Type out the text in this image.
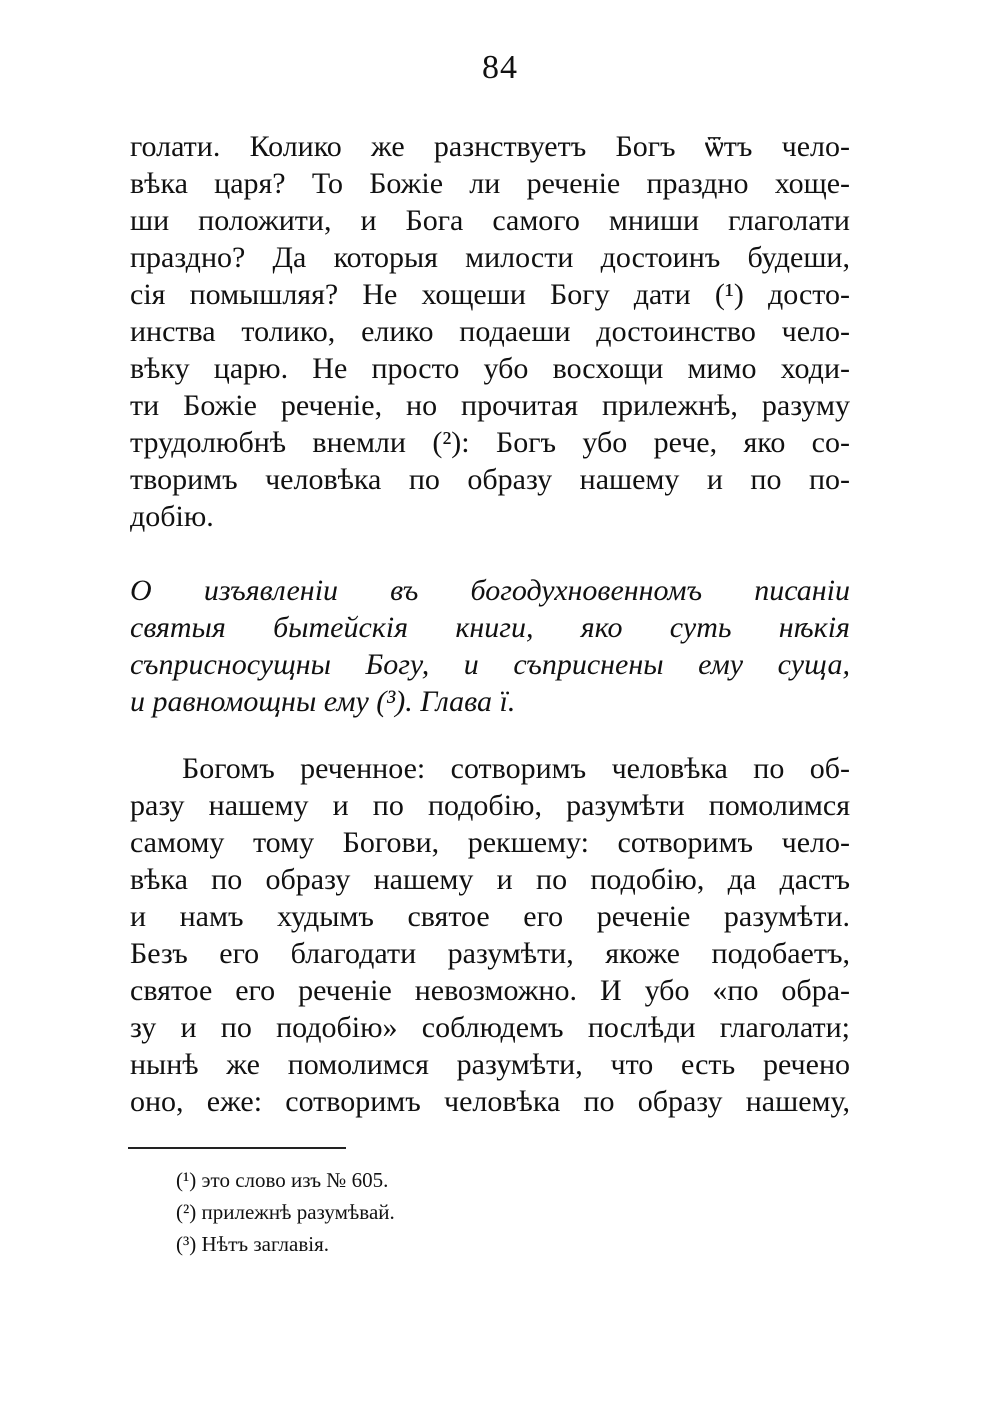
84
голати. Колико же разнствуетъ Богъ ѿтъ чело-
вѣка царя? То Божіе ли реченіе праздно хоще-
ши положити, и Бога самого мниши глаголати
праздно? Да которыя милости достоинъ будеши,
сія помышляя? Не хощеши Богу дати (¹) досто-
инства толико, елико подаеши достоинство чело-
вѣку царю. Не просто убо восхощи мимо ходи-
ти Божіе реченіе, но прочитая прилежнѣ, разуму
трудолюбнѣ внемли (²): Богъ убо рече, яко со-
творимъ человѣка по образу нашему и по по-
добію.
О изъявленіи въ богодухновенномъ писаніи
святыя бытейскія книги, яко суть нѣкія
съприсносущны Богу, и съприснены ему суща,
и равномощны ему (³). Глава ї.
Богомъ реченное: сотворимъ человѣка по об-
разу нашему и по подобію, разумѣти помолимся
самому тому Богови, рекшему: сотворимъ чело-
вѣка по образу нашему и по подобію, да дастъ
и намъ худымъ святое его реченіе разумѣти.
Безъ его благодати разумѣти, якоже подобаетъ,
святое его реченіе невозможно. И убо «по обра-
зу и по подобію» соблюдемъ послѣди глаголати;
нынѣ же помолимся разумѣти, что есть речено
оно, еже: сотворимъ человѣка по образу нашему,
(¹) это слово изъ № 605.
(²) прилежнѣ разумѣвай.
(³) Нѣтъ заглавія.
